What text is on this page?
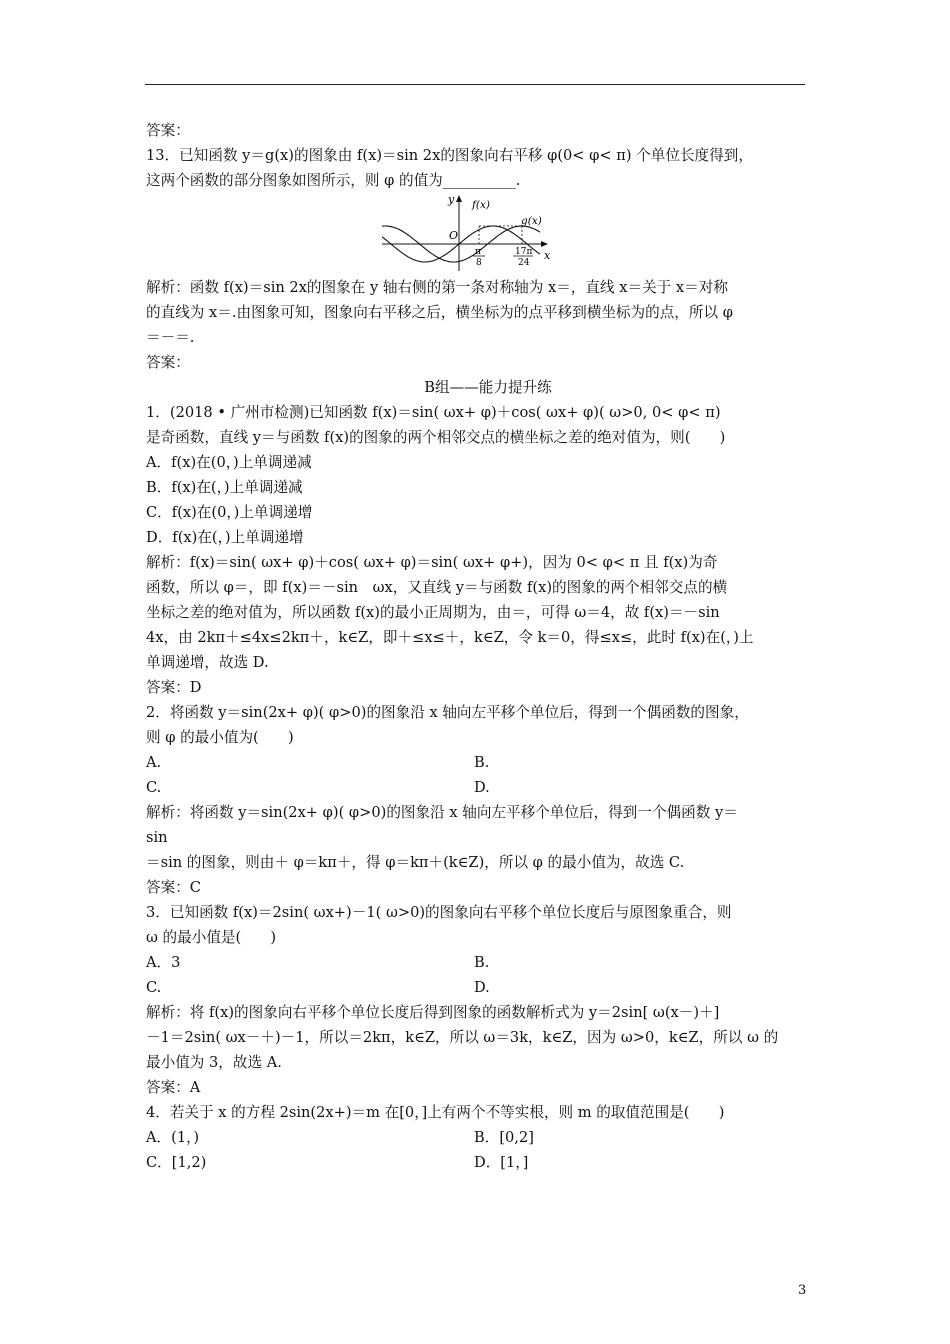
答案：
13．已知函数 y＝g(x)的图象由 f(x)＝sin 2x的图象向右平移 φ(0< φ< π) 个单位长度得到，
这两个函数的部分图象如图所示，则 φ 的值为__________.
y
x
O
f(x)
g(x)
π
8
17π
24
解析：函数 f(x)＝sin 2x的图象在 y 轴右侧的第一条对称轴为 x＝，直线 x＝关于 x＝对称
的直线为 x＝.由图象可知，图象向右平移之后，横坐标为的点平移到横坐标为的点，所以 φ
＝－＝.
答案：
B组——能力提升练
1．(2018 • 广州市检测)已知函数 f(x)＝sin( ωx+ φ)＋cos( ωx+ φ)( ω>0, 0< φ< π)
是奇函数，直线 y＝与函数 f(x)的图象的两个相邻交点的横坐标之差的绝对值为，则(　　)
A．f(x)在(0，)上单调递减
B．f(x)在(，)上单调递减
C．f(x)在(0，)上单调递增
D．f(x)在(，)上单调递增
解析：f(x)＝sin( ωx+ φ)＋cos( ωx+ φ)＝sin( ωx+ φ+)，因为 0< φ< π 且 f(x)为奇
函数，所以 φ＝，即 f(x)＝－sin　ωx，又直线 y＝与函数 f(x)的图象的两个相邻交点的横
坐标之差的绝对值为，所以函数 f(x)的最小正周期为，由＝，可得 ω＝4，故 f(x)＝－sin
4x，由 2kπ＋≤4x≤2kπ＋，k∈Z，即＋≤x≤＋，k∈Z，令 k＝0，得≤x≤，此时 f(x)在(，)上
单调递增，故选 D.
答案：D
2．将函数 y＝sin(2x+ φ)( φ>0)的图象沿 x 轴向左平移个单位后，得到一个偶函数的图象，
则 φ 的最小值为(　　)
A.	B.
C.	D.
解析：将函数 y＝sin(2x+ φ)( φ>0)的图象沿 x 轴向左平移个单位后，得到一个偶函数 y＝
sin
＝sin 的图象，则由＋ φ＝kπ＋，得 φ＝kπ＋(k∈Z)，所以 φ 的最小值为，故选 C.
答案：C
3．已知函数 f(x)＝2sin( ωx+)－1( ω>0)的图象向右平移个单位长度后与原图象重合，则
ω 的最小值是(　　)
A．3	B.
C.	D.
解析：将 f(x)的图象向右平移个单位长度后得到图象的函数解析式为 y＝2sin[ ω(x－)＋]
－1＝2sin( ωx－＋)－1，所以＝2kπ，k∈Z，所以 ω＝3k，k∈Z，因为 ω>0，k∈Z，所以 ω 的
最小值为 3，故选 A.
答案：A
4．若关于 x 的方程 2sin(2x+)＝m 在[0，]上有两个不等实根，则 m 的取值范围是(　　)
A．(1，)	B．[0,2]
C．[1,2)	D．[1，]
3
